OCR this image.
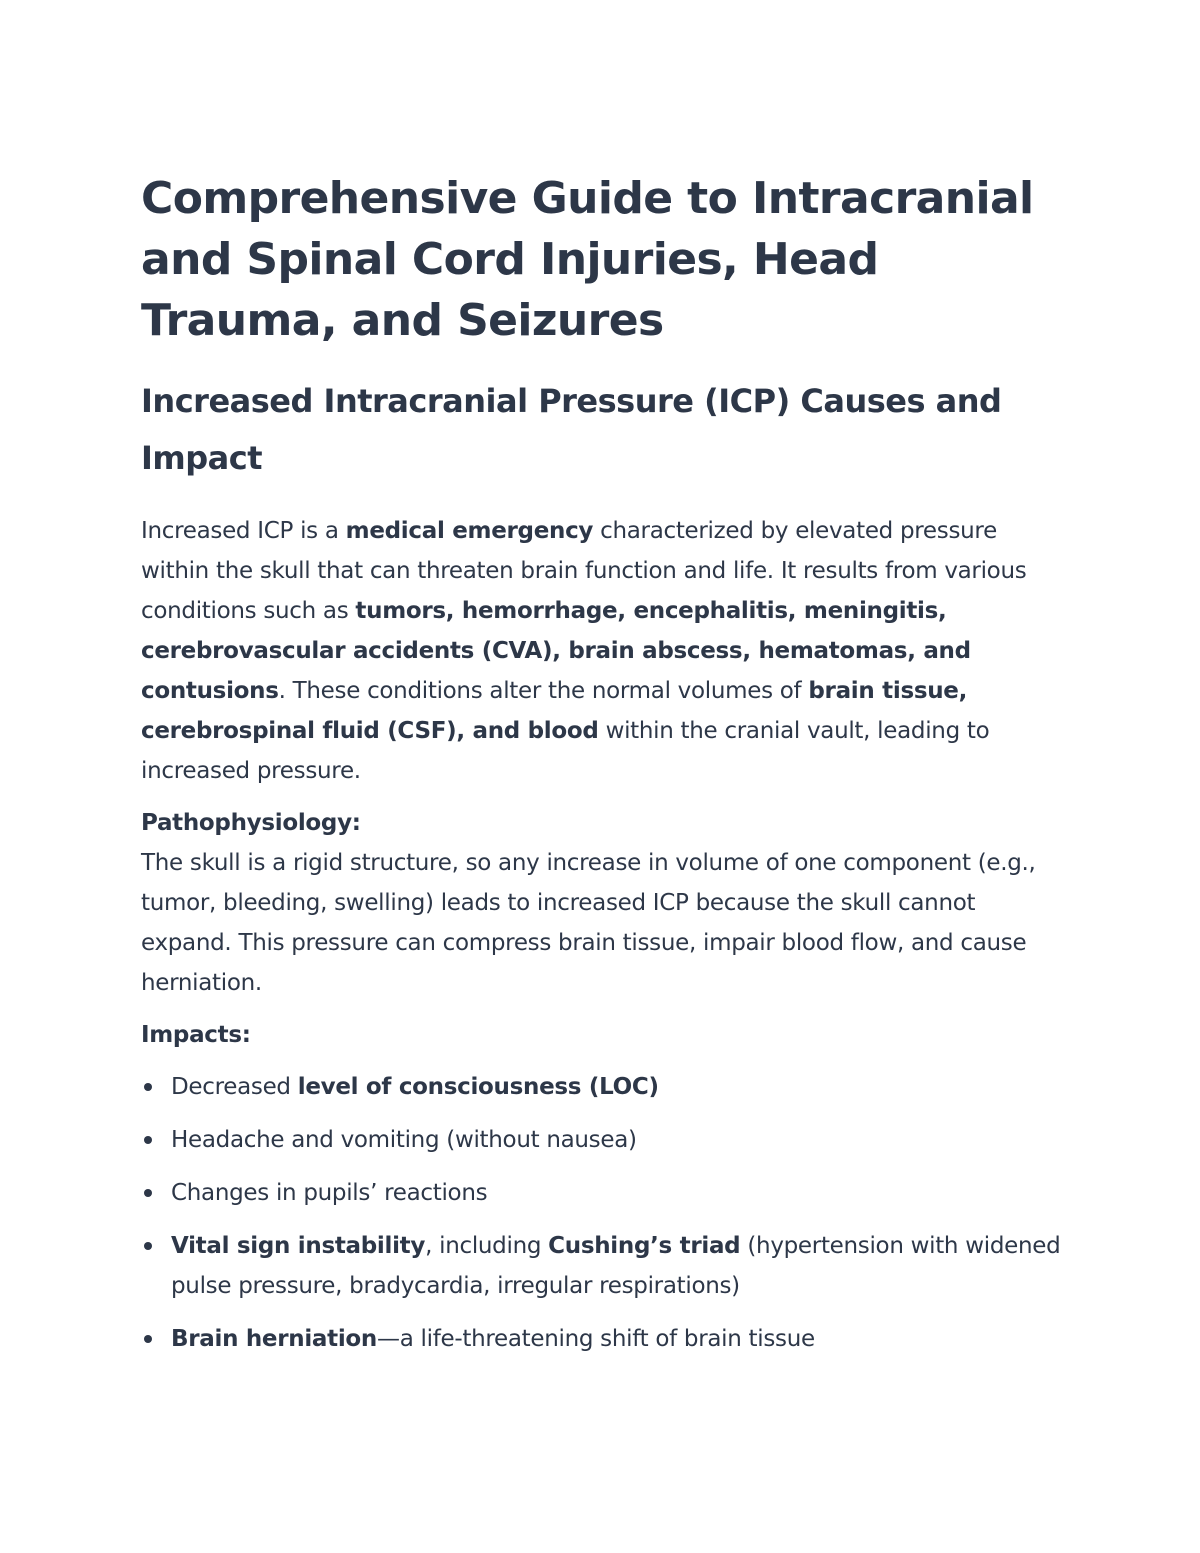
Comprehensive Guide to Intracranial and Spinal Cord Injuries, Head Trauma, and Seizures
Increased Intracranial Pressure (ICP) Causes and Impact

Increased ICP is a medical emergency characterized by elevated pressure within the skull that can threaten brain function and life. It results from various conditions such as tumors, hemorrhage, encephalitis, meningitis, cerebrovascular accidents (CVA), brain abscess, hematomas, and contusions. These conditions alter the normal volumes of brain tissue, cerebrospinal fluid (CSF), and blood within the cranial vault, leading to increased pressure.

Pathophysiology:

The skull is a rigid structure, so any increase in volume of one component (e.g., tumor, bleeding, swelling) leads to increased ICP because the skull cannot expand. This pressure can compress brain tissue, impair blood flow, and cause herniation.

Impacts:
Decreased level of consciousness (LOC)
Headache and vomiting (without nausea)
Changes in pupils’ reactions
Vital sign instability, including Cushing’s triad (hypertension with widened pulse pressure, bradycardia, irregular respirations)
Brain herniation—a life-threatening shift of brain tissue
